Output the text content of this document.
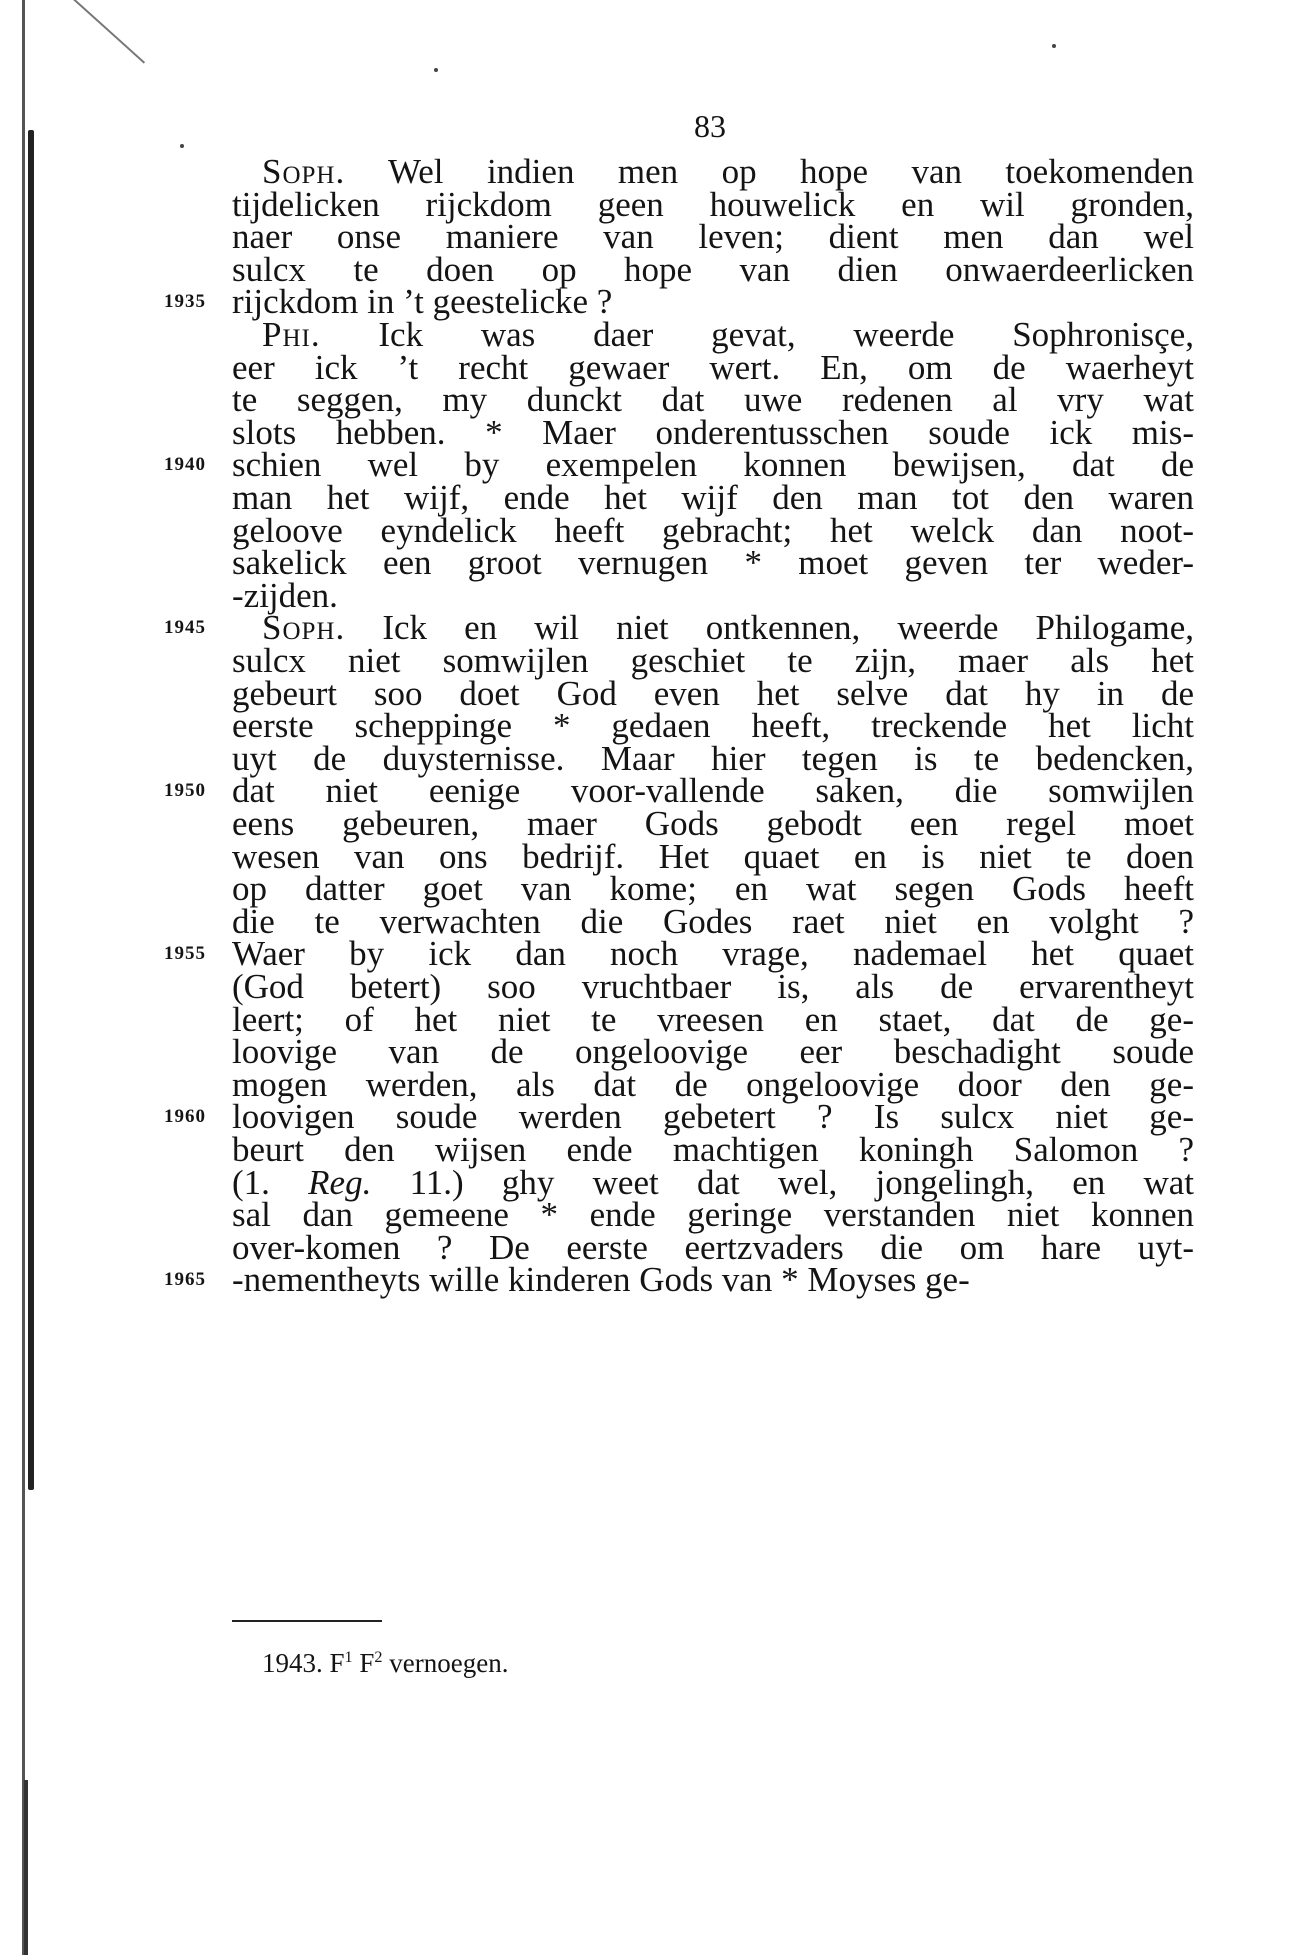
83
Soph. Wel indien men op hope van toekomenden
tijdelicken rijckdom geen houwelick en wil gronden,
naer onse maniere van leven; dient men dan wel
sulcx te doen op hope van dien onwaerdeerlicken
rijckdom in ’t geestelicke ?
Phi. Ick was daer gevat, weerde Sophronisçe,
eer ick ’t recht gewaer wert. En, om de waerheyt
te seggen, my dunckt dat uwe redenen al vry wat
slots hebben. * Maer onderentusschen soude ick mis-
schien wel by exempelen konnen bewijsen, dat de
man het wijf, ende het wijf den man tot den waren
geloove eyndelick heeft gebracht; het welck dan noot-
sakelick een groot vernugen * moet geven ter weder-
-zijden.
Soph. Ick en wil niet ontkennen, weerde Philogame,
sulcx niet somwijlen geschiet te zijn, maer als het
gebeurt soo doet God even het selve dat hy in de
eerste scheppinge * gedaen heeft, treckende het licht
uyt de duysternisse. Maar hier tegen is te bedencken,
dat niet eenige voor-vallende saken, die somwijlen
eens gebeuren, maer Gods gebodt een regel moet
wesen van ons bedrijf. Het quaet en is niet te doen
op datter goet van kome; en wat segen Gods heeft
die te verwachten die Godes raet niet en volght ?
Waer by ick dan noch vrage, nademael het quaet
(God betert) soo vruchtbaer is, als de ervarentheyt
leert; of het niet te vreesen en staet, dat de ge-
loovige van de ongeloovige eer beschadight soude
mogen werden, als dat de ongeloovige door den ge-
loovigen soude werden gebetert ? Is sulcx niet ge-
beurt den wijsen ende machtigen koningh Salomon ?
(1. Reg. 11.) ghy weet dat wel, jongelingh, en wat
sal dan gemeene * ende geringe verstanden niet konnen
over-komen ? De eerste eertzvaders die om hare uyt-
-nementheyts wille kinderen Gods van * Moyses ge-
1935
1940
1945
1950
1955
1960
1965
1943. $F^1$ $F^2$ vernoegen.
